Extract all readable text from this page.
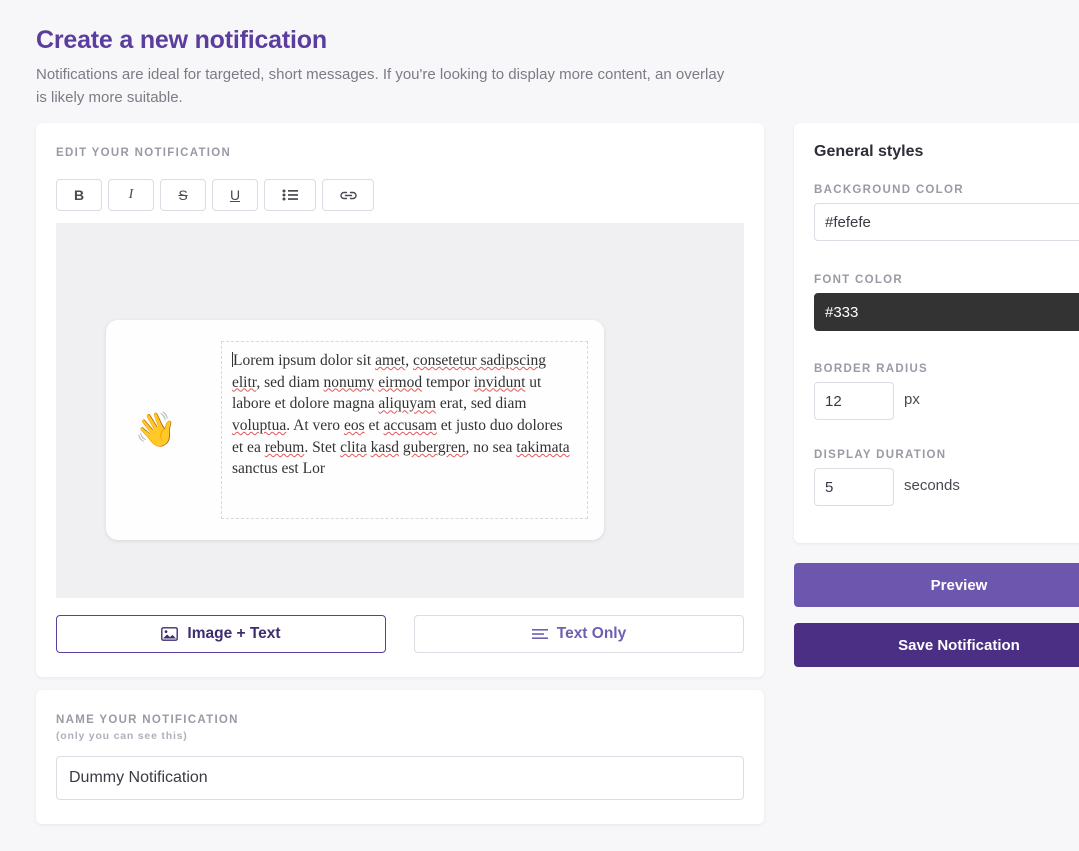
Create a new notification
Notifications are ideal for targeted, short messages. If you're looking to display more content, an overlay is likely more suitable.
EDIT YOUR NOTIFICATION
B	I	S	U
👋
Lorem ipsum dolor sit amet, consetetur sadipscing elitr, sed diam nonumy eirmod tempor invidunt ut labore et dolore magna aliquyam erat, sed diam voluptua. At vero eos et accusam et justo duo dolores et ea rebum. Stet clita kasd gubergren, no sea takimata sanctus est Lor
Image + Text	Text Only
NAME YOUR NOTIFICATION
(only you can see this)
Dummy Notification
General styles
BACKGROUND COLOR
#fefefe
FONT COLOR
#333
BORDER RADIUS
12
px
DISPLAY DURATION
5
seconds
Preview
Save Notification
